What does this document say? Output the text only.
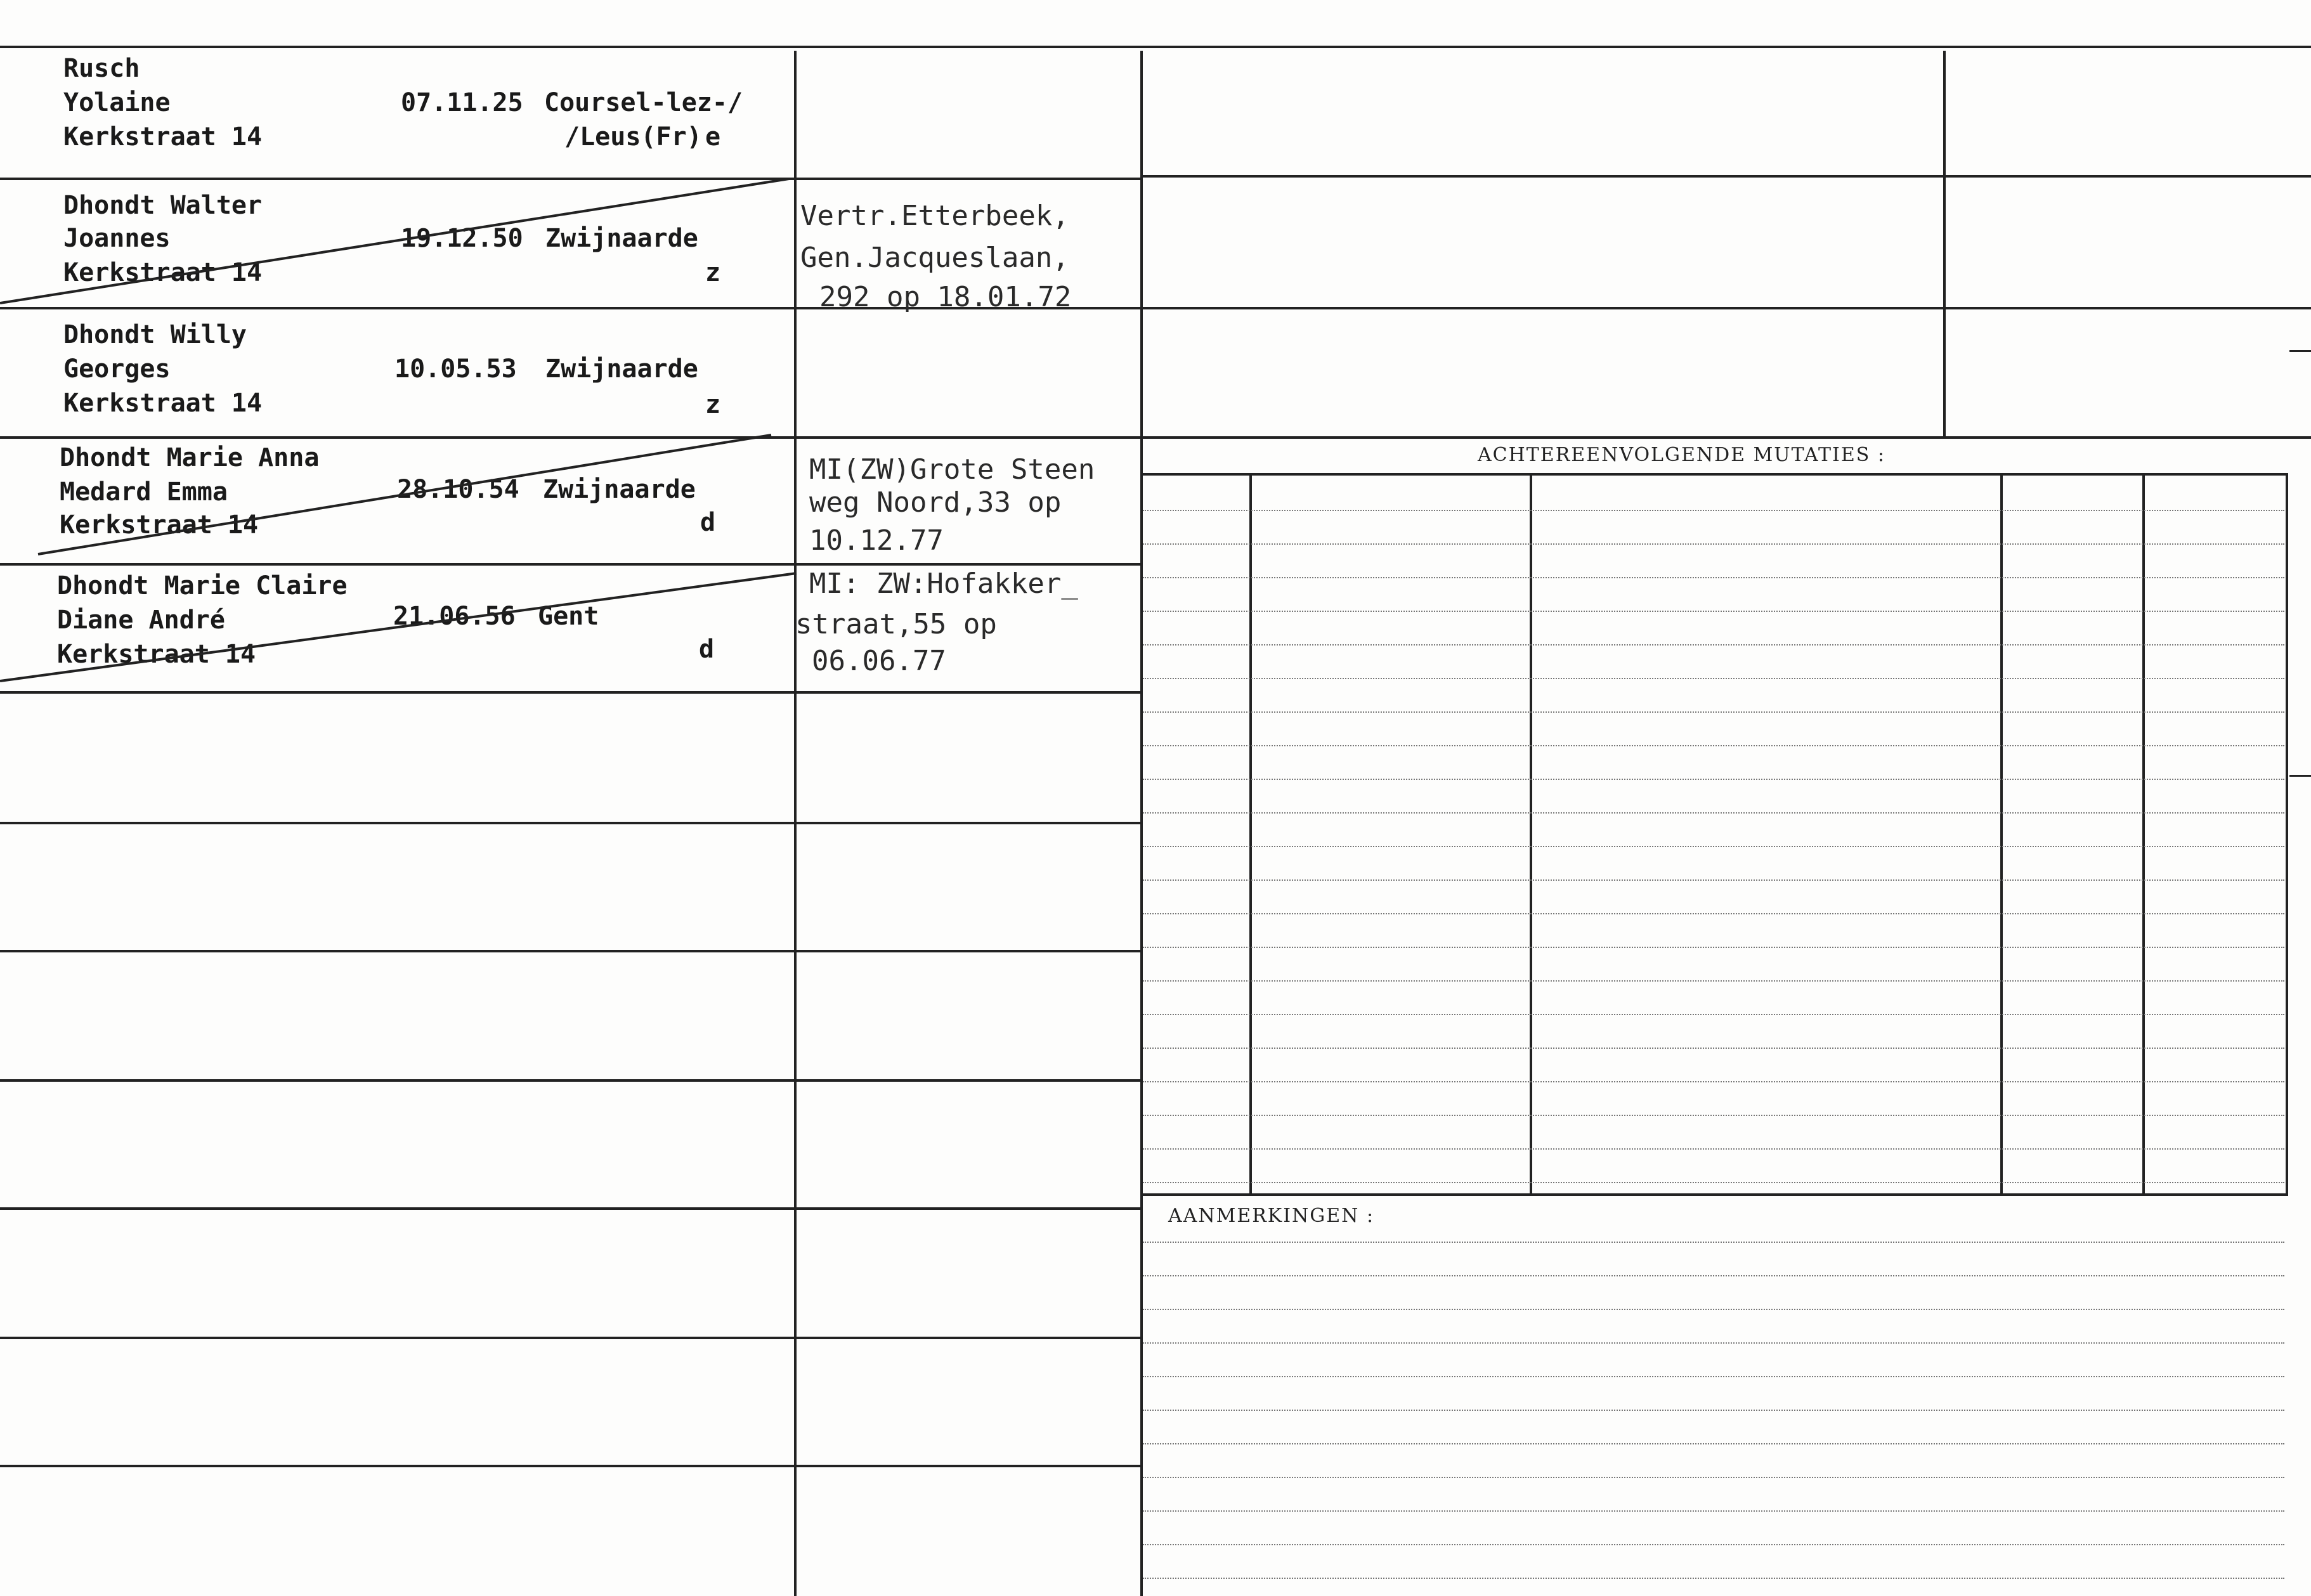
ACHTEREENVOLGENDE MUTATIES :
AANMERKINGEN :
Rusch
Yolaine
Kerkstraat 14
07.11.25 Coursel-lez-/
/Leus(Fr) e
Dhondt Walter
Joannes
Kerkstraat 14
19.12.50 Zwijnaarde
z
Vertr.Etterbeek,
Gen.Jacqueslaan,
292 op 18.01.72
Dhondt Willy
Georges
Kerkstraat 14
10.05.53 Zwijnaarde
z
Dhondt Marie Anna
Medard Emma
Kerkstraat 14
28.10.54 Zwijnaarde
d
MI(ZW)Grote Steen
weg Noord,33 op
10.12.77
Dhondt Marie Claire
Diane André
Kerkstraat 14
21.06.56 Gent
d
MI: ZW:Hofakker_
straat,55 op
06.06.77
